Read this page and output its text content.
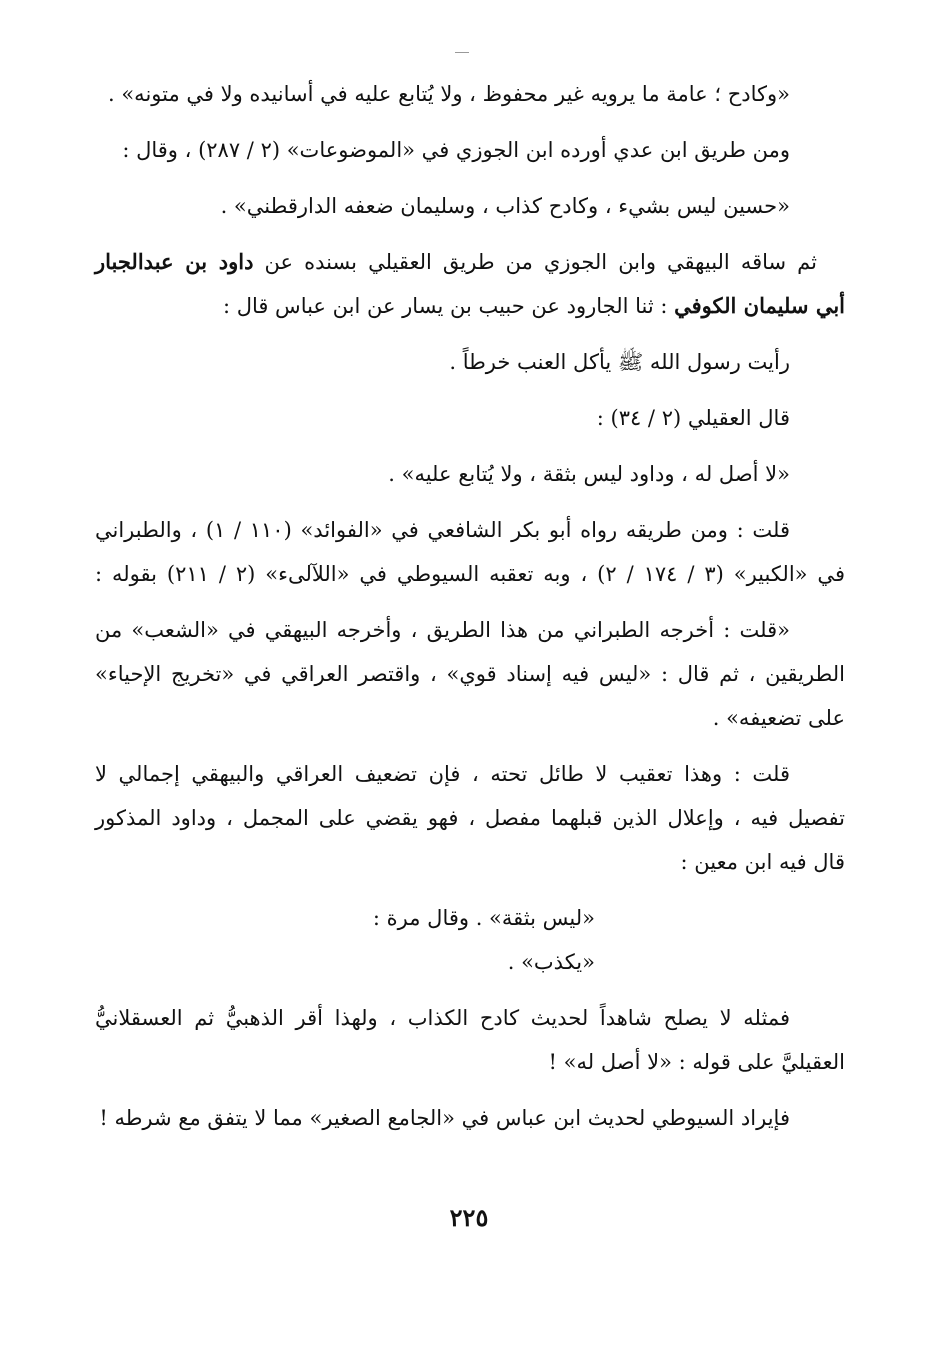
«وكادح ؛ عامة ما يرويه غير محفوظ ، ولا يُتابع عليه في أسانيده ولا في متونه» .
ومن طريق ابن عدي أورده ابن الجوزي في «الموضوعات» (٢ / ٢٨٧) ، وقال :
«حسين ليس بشيء ، وكادح كذاب ، وسليمان ضعفه الدارقطني» .
ثم ساقه البيهقي وابن الجوزي من طريق العقيلي بسنده عن داود بن عبدالجبار
أبي سليمان الكوفي : ثنا الجارود عن حبيب بن يسار عن ابن عباس قال :
رأيت رسول الله ﷺ يأكل العنب خرطاً .
قال العقيلي (٢ / ٣٤) :
«لا أصل له ، وداود ليس بثقة ، ولا يُتابع عليه» .
قلت : ومن طريقه رواه أبو بكر الشافعي في «الفوائد» (١١٠ / ١) ، والطبراني
في «الكبير» (٣ / ١٧٤ / ٢) ، وبه تعقبه السيوطي في «اللآلىء» (٢ / ٢١١) بقوله :
«قلت : أخرجه الطبراني من هذا الطريق ، وأخرجه البيهقي في «الشعب» من
الطريقين ، ثم قال : «ليس فيه إسناد قوي» ، واقتصر العراقي في «تخريج الإحياء»
على تضعيفه» .
قلت : وهذا تعقيب لا طائل تحته ، فإن تضعيف العراقي والبيهقي إجمالي لا
تفصيل فيه ، وإعلال الذين قبلهما مفصل ، فهو يقضي على المجمل ، وداود المذكور
قال فيه ابن معين :
«ليس بثقة» . وقال مرة :
«يكذب» .
فمثله لا يصلح شاهداً لحديث كادح الكذاب ، ولهذا أقر الذهبيُّ ثم العسقلانيُّ
العقيليَّ على قوله : «لا أصل له» !
فإيراد السيوطي لحديث ابن عباس في «الجامع الصغير» مما لا يتفق مع شرطه !
٢٢٥
